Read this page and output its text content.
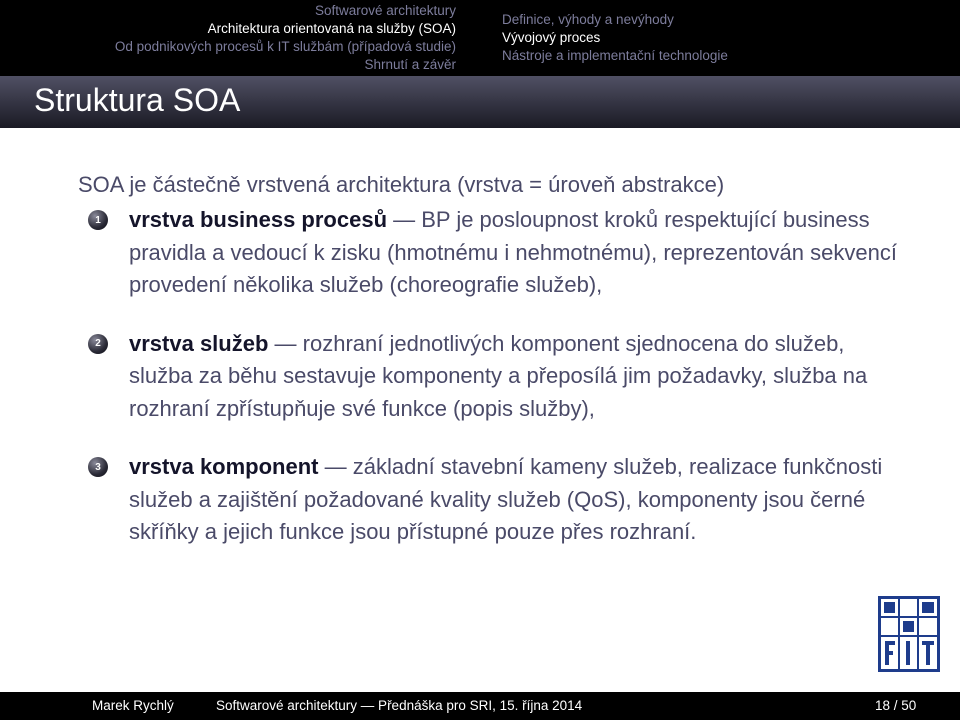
Softwarové architektury
Architektura orientovaná na služby (SOA)
Od podnikových procesů k IT službám (případová studie)
Shrnutí a závěr
Definice, výhody a nevýhody
Vývojový proces
Nástroje a implementační technologie
Struktura SOA
SOA je částečně vrstvená architektura (vrstva = úroveň abstrakce)
1	vrstva business procesů — BP je posloupnost kroků respektující business pravidla a vedoucí k zisku (hmotnému i nehmotnému), reprezentován sekvencí provedení několika služeb (choreografie služeb),
2	vrstva služeb — rozhraní jednotlivých komponent sjednocena do služeb, služba za běhu sestavuje komponenty a přeposílá jim požadavky, služba na rozhraní zpřístupňuje své funkce (popis služby),
3	vrstva komponent — základní stavební kameny služeb, realizace funkčnosti služeb a zajištění požadované kvality služeb (QoS), komponenty jsou černé skříňky a jejich funkce jsou přístupné pouze přes rozhraní.
Marek Rychlý	Softwarové architektury — Přednáška pro SRI, 15. října 2014	18 / 50
